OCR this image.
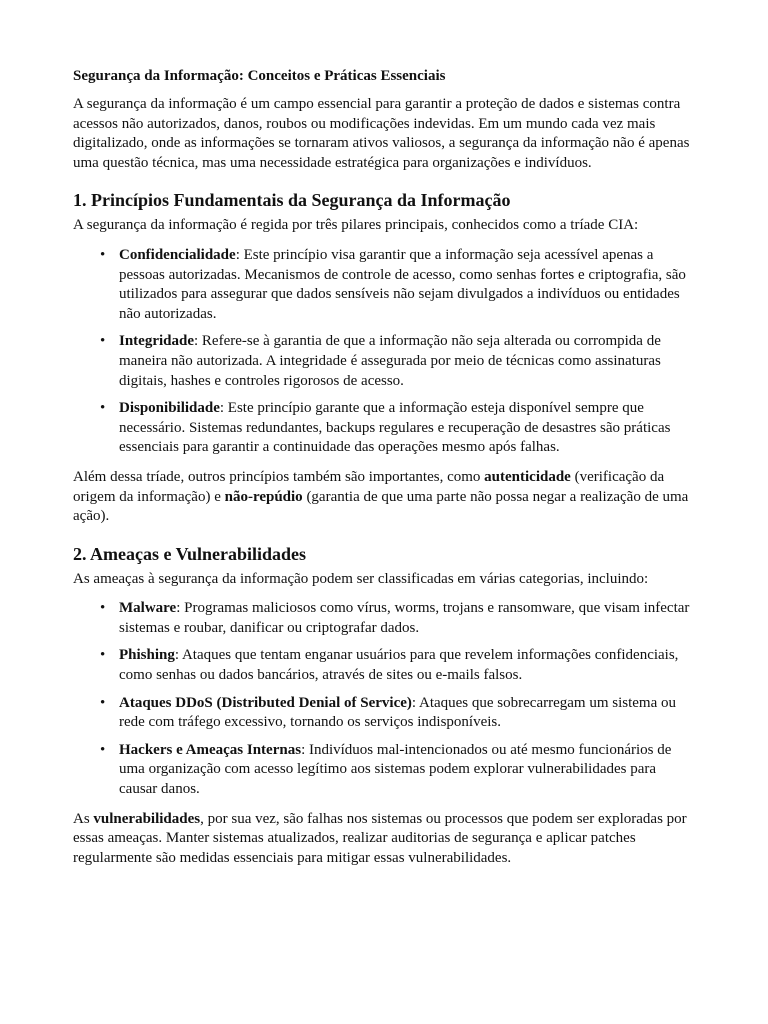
Segurança da Informação: Conceitos e Práticas Essenciais

A segurança da informação é um campo essencial para garantir a proteção de dados e sistemas contra acessos não autorizados, danos, roubos ou modificações indevidas. Em um mundo cada vez mais digitalizado, onde as informações se tornaram ativos valiosos, a segurança da informação não é apenas uma questão técnica, mas uma necessidade estratégica para organizações e indivíduos.

1. Princípios Fundamentais da Segurança da Informação

A segurança da informação é regida por três pilares principais, conhecidos como a tríade CIA:

• Confidencialidade: Este princípio visa garantir que a informação seja acessível apenas a pessoas autorizadas. Mecanismos de controle de acesso, como senhas fortes e criptografia, são utilizados para assegurar que dados sensíveis não sejam divulgados a indivíduos ou entidades não autorizadas.
• Integridade: Refere-se à garantia de que a informação não seja alterada ou corrompida de maneira não autorizada. A integridade é assegurada por meio de técnicas como assinaturas digitais, hashes e controles rigorosos de acesso.
• Disponibilidade: Este princípio garante que a informação esteja disponível sempre que necessário. Sistemas redundantes, backups regulares e recuperação de desastres são práticas essenciais para garantir a continuidade das operações mesmo após falhas.

Além dessa tríade, outros princípios também são importantes, como autenticidade (verificação da origem da informação) e não-repúdio (garantia de que uma parte não possa negar a realização de uma ação).

2. Ameaças e Vulnerabilidades

As ameaças à segurança da informação podem ser classificadas em várias categorias, incluindo:

• Malware: Programas maliciosos como vírus, worms, trojans e ransomware, que visam infectar sistemas e roubar, danificar ou criptografar dados.
• Phishing: Ataques que tentam enganar usuários para que revelem informações confidenciais, como senhas ou dados bancários, através de sites ou e-mails falsos.
• Ataques DDoS (Distributed Denial of Service): Ataques que sobrecarregam um sistema ou rede com tráfego excessivo, tornando os serviços indisponíveis.
• Hackers e Ameaças Internas: Indivíduos mal-intencionados ou até mesmo funcionários de uma organização com acesso legítimo aos sistemas podem explorar vulnerabilidades para causar danos.

As vulnerabilidades, por sua vez, são falhas nos sistemas ou processos que podem ser exploradas por essas ameaças. Manter sistemas atualizados, realizar auditorias de segurança e aplicar patches regularmente são medidas essenciais para mitigar essas vulnerabilidades.
